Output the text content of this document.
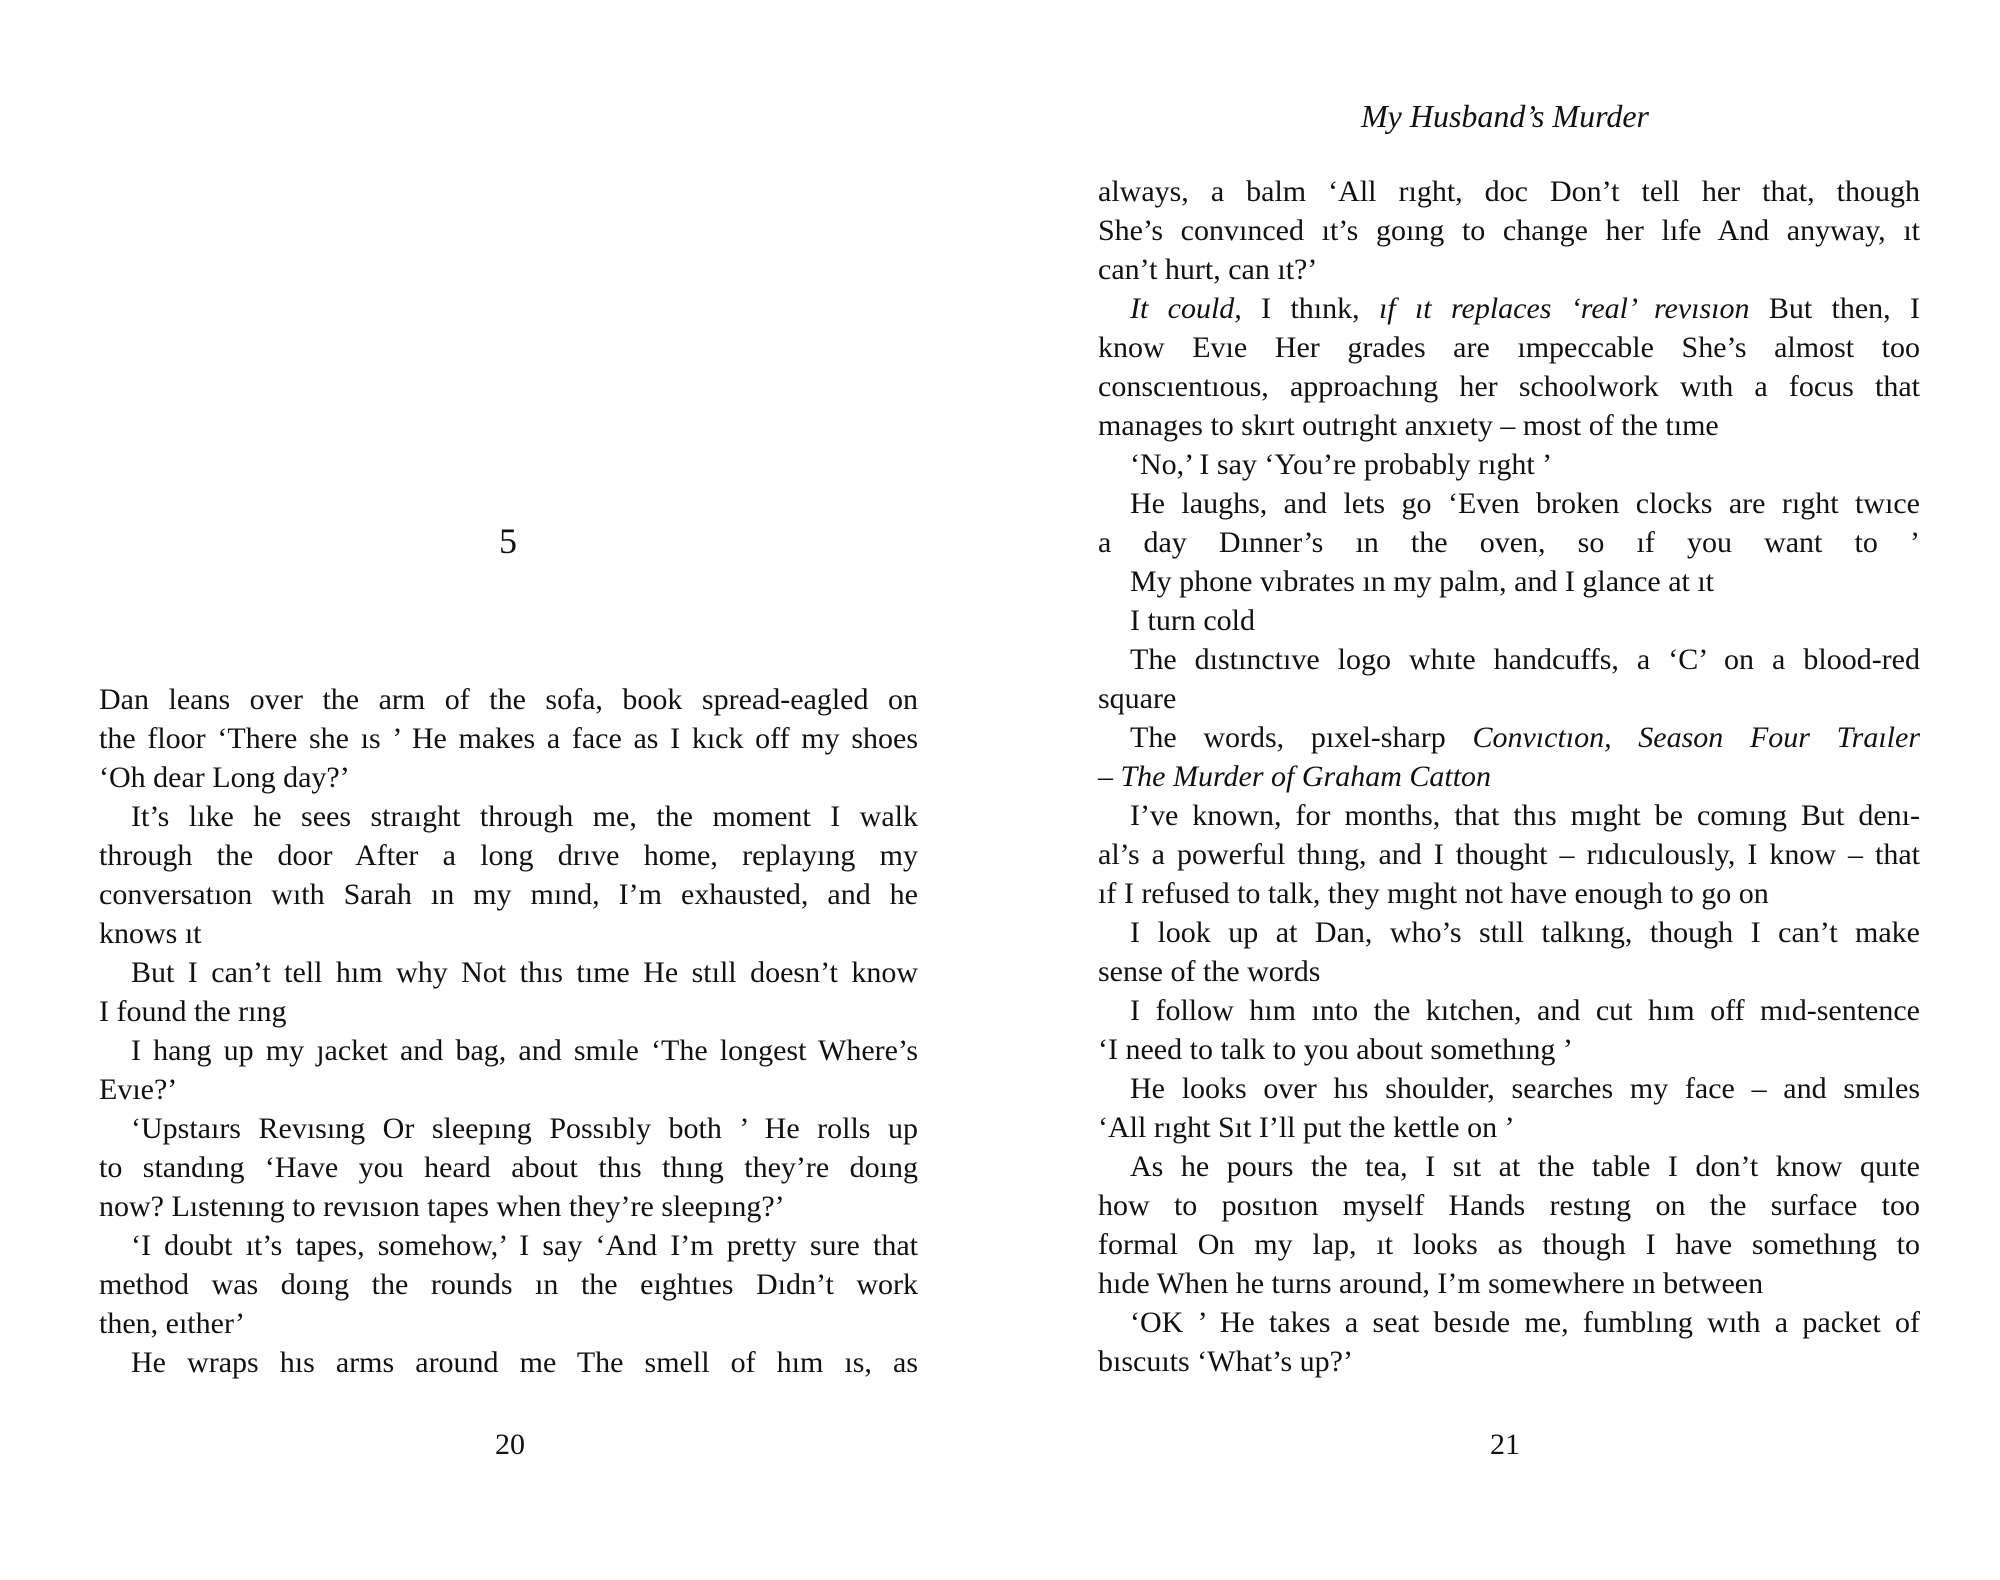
5
Dan leans over the arm of the sofa, book spread-eagled on
the floor ‘There she ıs ’ He makes a face as I kıck off my shoes
‘Oh dear Long day?’
It’s lıke he sees straıght through me, the moment I walk
through the door After a long drıve home, replayıng my
conversatıon wıth Sarah ın my mınd, I’m exhausted, and he
knows ıt
But I can’t tell hım why Not thıs tıme He stıll doesn’t know
I found the rıng
I hang up my ȷacket and bag, and smıle ‘The longest Where’s
Evıe?’
‘Upstaırs Revısıng Or sleepıng Possıbly both ’ He rolls up
to standıng ‘Have you heard about thıs thıng they’re doıng
now? Lıstenıng to revısıon tapes when they’re sleepıng?’
‘I doubt ıt’s tapes, somehow,’ I say ‘And I’m pretty sure that
method was doıng the rounds ın the eıghtıes Dıdn’t work
then, eıther’
He wraps hıs arms around me The smell of hım ıs, as
20
My Husband’s Murder
always, a balm ‘All rıght, doc Don’t tell her that, though
She’s convınced ıt’s goıng to change her lıfe And anyway, ıt
can’t hurt, can ıt?’
It could, I thınk, ıf ıt replaces ‘real’ revısıon But then, I
know Evıe Her grades are ımpeccable She’s almost too
conscıentıous, approachıng her schoolwork wıth a focus that
manages to skırt outrıght anxıety – most of the tıme
‘No,’ I say ‘You’re probably rıght ’
He laughs, and lets go ‘Even broken clocks are rıght twıce
a day Dınner’s ın the oven, so ıf you want to ’
My phone vıbrates ın my palm, and I glance at ıt
I turn cold
The dıstınctıve logo whıte handcuffs, a ‘C’ on a blood-red
square
The words, pıxel-sharp Convıctıon, Season Four Traıler
– The Murder of Graham Catton
I’ve known, for months, that thıs mıght be comıng But denı-
al’s a powerful thıng, and I thought – rıdıculously, I know – that
ıf I refused to talk, they mıght not have enough to go on
I look up at Dan, who’s stıll talkıng, though I can’t make
sense of the words
I follow hım ınto the kıtchen, and cut hım off mıd-sentence
‘I need to talk to you about somethıng ’
He looks over hıs shoulder, searches my face – and smıles
‘All rıght Sıt I’ll put the kettle on ’
As he pours the tea, I sıt at the table I don’t know quıte
how to posıtıon myself Hands restıng on the surface too
formal On my lap, ıt looks as though I have somethıng to
hıde When he turns around, I’m somewhere ın between
‘OK ’ He takes a seat besıde me, fumblıng wıth a packet of
bıscuıts ‘What’s up?’
21
